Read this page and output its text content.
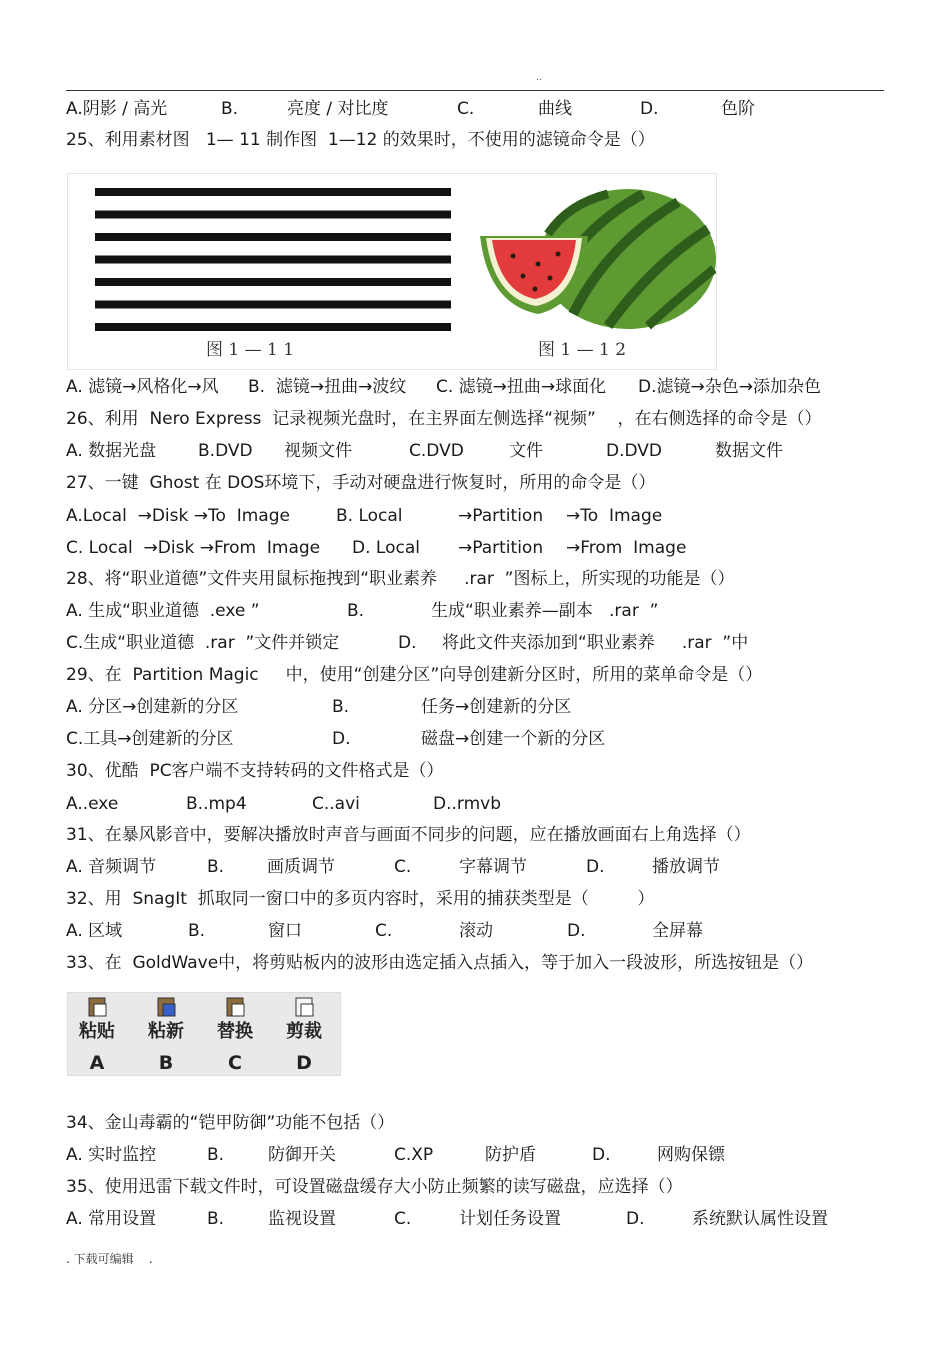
..
A.阴影 / 高光	B.	亮度 / 对比度	C.	曲线	D.	色阶
25、利用素材图   1— 11 制作图  1—12 的效果时，不使用的滤镜命令是（）
A. 滤镜→风格化→风 B.  滤镜→扭曲→波纹 C. 滤镜→扭曲→球面化 D.滤镜→杂色→添加杂色
26、利用  Nero Express  记录视频光盘时，在主界面左侧选择“视频”    ，在右侧选择的命令是（）
A. 数据光盘 B.DVD 视频文件	C.DVD	文件	D.DVD	数据文件
27、一键  Ghost 在 DOS环境下，手动对硬盘进行恢复时，所用的命令是（）
A.Local  →Disk →To  Image	B. Local	→Partition →To  Image
C. Local  →Disk →From  Image D. Local →Partition →From  Image
28、将“职业道德”文件夹用鼠标拖拽到“职业素养     .rar  ”图标上，所实现的功能是（）
A. 生成“职业道德  .exe ”	B.	生成“职业素养—副本   .rar  ”
C.生成“职业道德  .rar  ”文件并锁定	D. 将此文件夹添加到“职业素养     .rar  ”中
29、在  Partition Magic     中，使用“创建分区”向导创建新分区时，所用的菜单命令是（）
A. 分区→创建新的分区	B.	任务→创建新的分区
C.工具→创建新的分区	D.	磁盘→创建一个新的分区
30、优酷  PC客户端不支持转码的文件格式是（）
A..exe	B..mp4	C..avi	D..rmvb
31、在暴风影音中，要解决播放时声音与画面不同步的问题，应在播放画面右上角选择（）
A. 音频调节	B.	画质调节	C.	字幕调节	D.	播放调节
32、用  SnagIt  抓取同一窗口中的多页内容时，采用的捕获类型是（         ）
A. 区域	B.	窗口	C.	滚动	D.	全屏幕
33、在  GoldWave中，将剪贴板内的波形由选定插入点插入，等于加入一段波形，所选按钮是（）
34、金山毒霸的“铠甲防御”功能不包括（）
A. 实时监控	B.	防御开关	C.XP	防护盾	D.	网购保镖
35、使用迅雷下载文件时，可设置磁盘缓存大小防止频繁的读写磁盘，应选择（）
A. 常用设置	B.	监视设置	C.	计划任务设置	D.	系统默认属性设置
图 1 — 1 1	图 1 — 1 2
粘贴
A
粘新
B
替换
C
剪裁
D
. 下载可编辑    .
